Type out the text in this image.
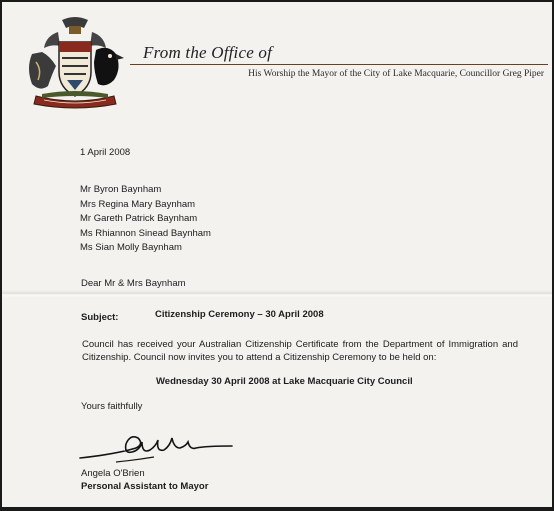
From the Office of
His Worship the Mayor of the City of Lake Macquarie, Councillor Greg Piper
1 April 2008
Mr Byron Baynham
Mrs Regina Mary Baynham
Mr Gareth Patrick Baynham
Ms Rhiannon Sinead Baynham
Ms Sian Molly Baynham
Dear Mr & Mrs Baynham
Subject:	Citizenship Ceremony – 30 April 2008
Council has received your Australian Citizenship Certificate from the Department of Immigration and Citizenship. Council now invites you to attend a Citizenship Ceremony to be held on:
Wednesday 30 April 2008 at Lake Macquarie City Council
Yours faithfully
Angela O'Brien
Personal Assistant to Mayor
